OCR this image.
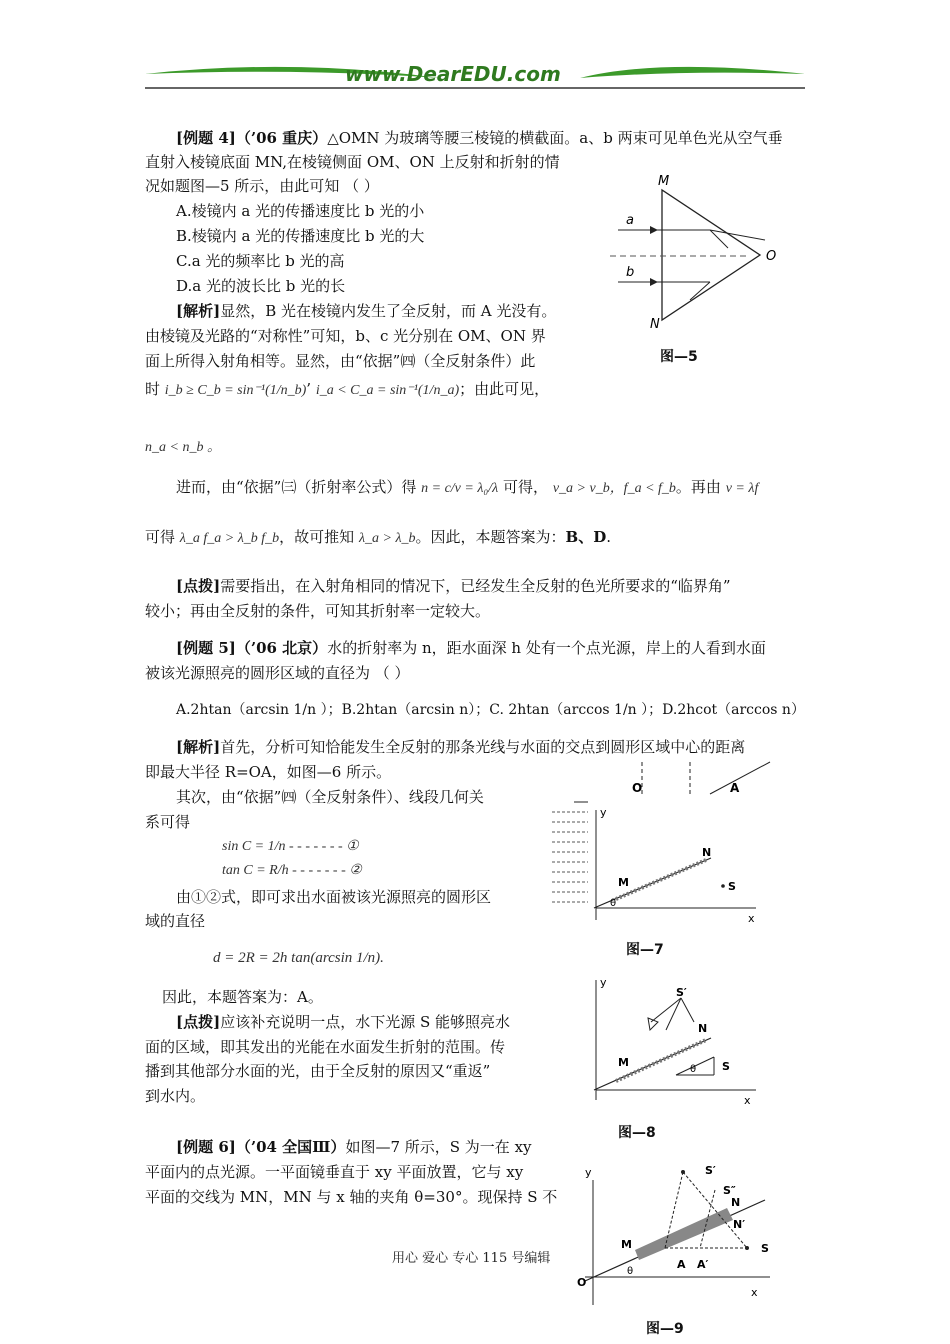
www.DearEDU.com
[例题 4]（’06 重庆）△OMN 为玻璃等腰三棱镜的横截面。a、b 两束可见单色光从空气垂
直射入棱镜底面 MN,在棱镜侧面 OM、ON 上反射和折射的情
况如题图—5 所示，由此可知 （ ）
A.棱镜内 a 光的传播速度比 b 光的小
B.棱镜内 a 光的传播速度比 b 光的大
C.a 光的频率比 b 光的高
D.a 光的波长比 b 光的长
[解析]显然，B 光在棱镜内发生了全反射，而 A 光没有。
由棱镜及光路的“对称性”可知，b、c 光分别在 OM、ON 界
面上所得入射角相等。显然，由“依据”㈣（全反射条件）此
时 i_b ≥ C_b = sin⁻¹(1/n_b)’ i_a < C_a = sin⁻¹(1/n_a)；由此可见，
n_a < n_b 。
进而，由“依据”㈢（折射率公式）得 n = c/v = λ₀/λ 可得， v_a > v_b，f_a < f_b。再由 v = λf
可得 λ_a f_a > λ_b f_b，故可推知 λ_a > λ_b。因此，本题答案为：B、D.
[点拨]需要指出，在入射角相同的情况下，已经发生全反射的色光所要求的“临界角”
较小；再由全反射的条件，可知其折射率一定较大。
M
N
O
a
b
图—5
[例题 5]（’06 北京）水的折射率为 n，距水面深 h 处有一个点光源，岸上的人看到水面
被该光源照亮的圆形区域的直径为 （ ）
A.2htan（arcsin 1/n ）；B.2htan（arcsin n）；C. 2htan（arccos 1/n ）；D.2hcot（arccos n）
[解析]首先，分析可知恰能发生全反射的那条光线与水面的交点到圆形区域中心的距离
即最大半径 R=OA，如图—6 所示。
其次，由“依据”㈣（全反射条件）、线段几何关
系可得
sin C = 1/n - - - - - - - ①
tan C = R/h - - - - - - - ②
由①②式，即可求出水面被该光源照亮的圆形区
域的直径
d = 2R = 2h tan(arcsin 1/n).
因此，本题答案为：A。
[点拨]应该补充说明一点，水下光源 S 能够照亮水
面的区域，即其发出的光能在水面发生折射的范围。传
播到其他部分水面的光，由于全反射的原因又“重返”
到水内。
O	A
y
x
M
N
S
θ
图—7
y
x
M
N
S
S′
θ
图—8
[例题 6]（’04 全国Ⅲ）如图—7 所示，S 为一在 xy
平面内的点光源。一平面镜垂直于 xy 平面放置，它与 xy
平面的交线为 MN，MN 与 x 轴的夹角 θ=30°。现保持 S 不
y
x
O
M
N
N′
S
S′
S″
A A′
θ
图—9
用心 爱心 专心 115 号编辑
